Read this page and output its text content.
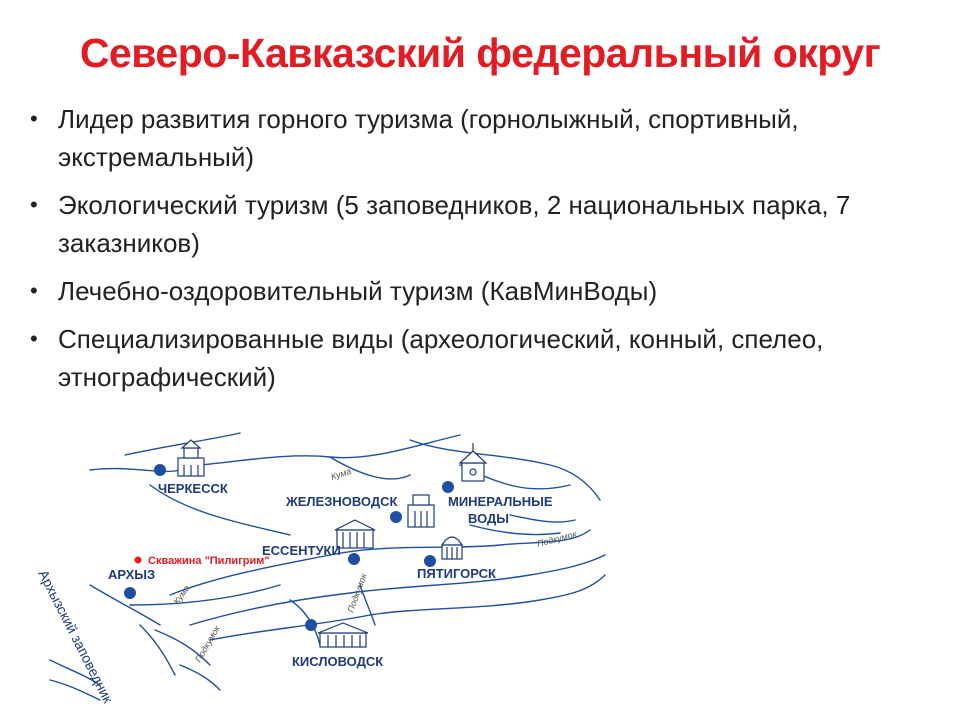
Северо-Кавказский федеральный округ
• Лидер развития горного туризма (горнолыжный, спортивный, экстремальный)
• Экологический туризм (5 заповедников, 2 национальных парка, 7 заказников)
• Лечебно-оздоровительный туризм (КавМинВоды)
• Специализированные виды (археологический, конный, спелео, этнографический)
ЧЕРКЕССК
ЖЕЛЕЗНОВОДСК	МИНЕРАЛЬНЫЕ
ВОДЫ
ЕССЕНТУКИ
ПЯТИГОРСК
АРХЫЗ
КИСЛОВОДСК
Скважина "Пилигрим"
Архызский заповедник
Кума
Кума
Подкумок
Подкумок
Подкумок
